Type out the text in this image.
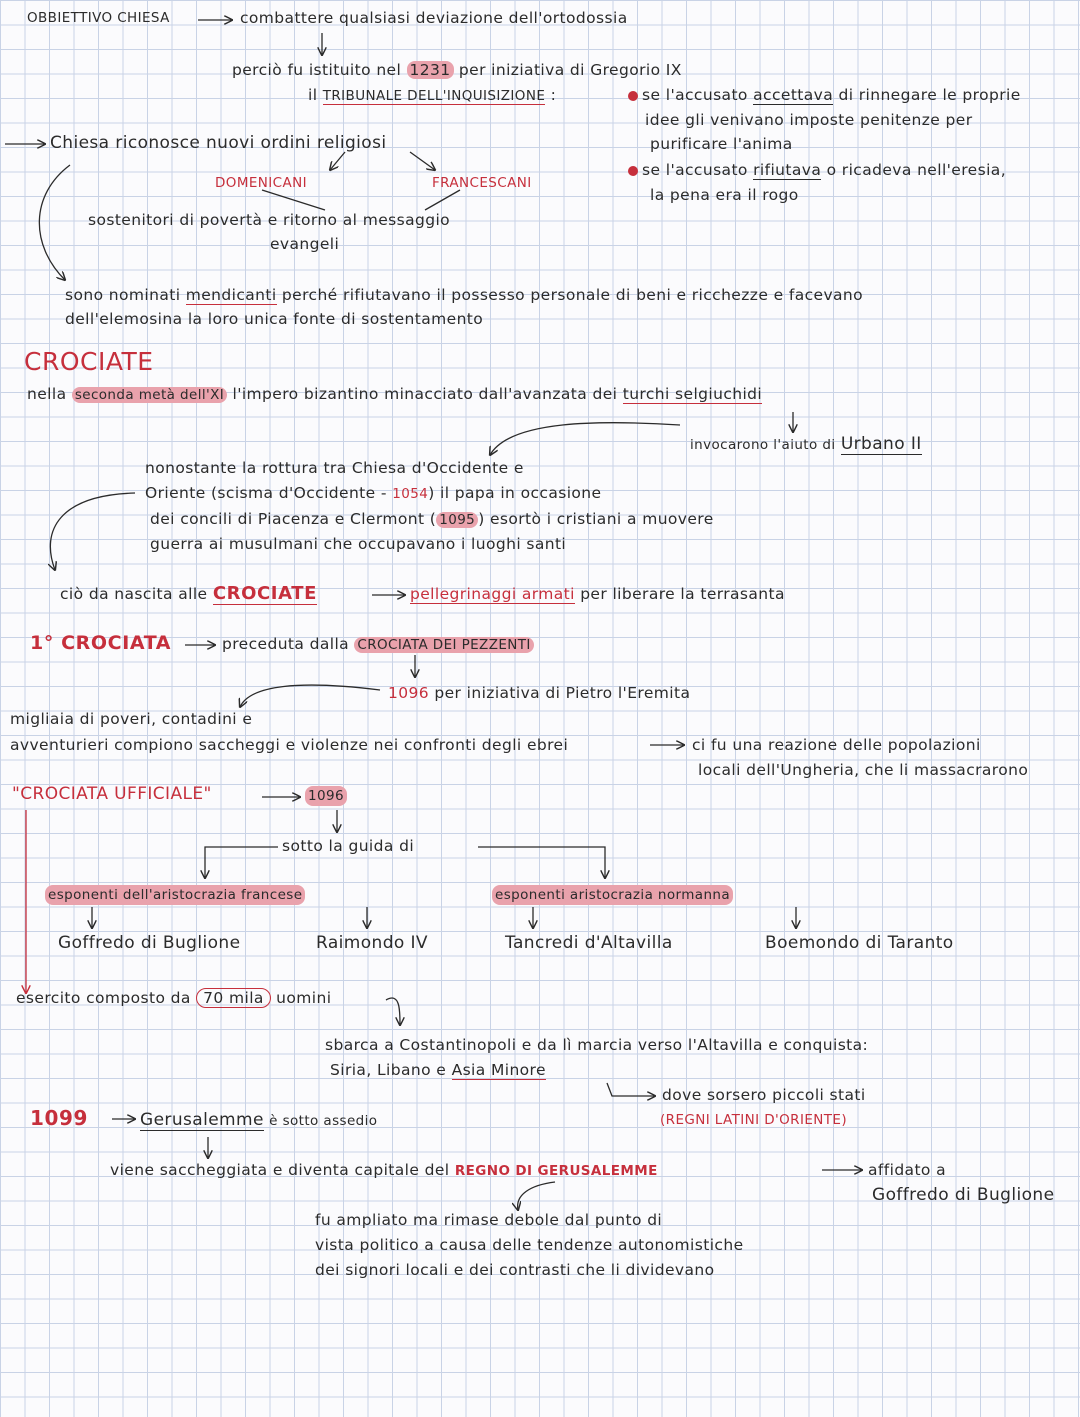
OBBIETTIVO CHIESA	combattere qualsiasi deviazione dell'ortodossia
perciò fu istituito nel 1231 per iniziativa di Gregorio IX
il TRIBUNALE DELL'INQUISIZIONE :	se l'accusato accettava di rinnegare le proprie
idee gli venivano imposte penitenze per
purificare l'anima
se l'accusato rifiutava o ricadeva nell'eresia,
la pena era il rogo
Chiesa riconosce nuovi ordini religiosi
DOMENICANI	FRANCESCANI
sostenitori di povertà e ritorno al messaggio
evangeli
sono nominati mendicanti perché rifiutavano il possesso personale di beni e ricchezze e facevano
dell'elemosina la loro unica fonte di sostentamento
CROCIATE
nella seconda metà dell'XI l'impero bizantino minacciato dall'avanzata dei turchi selgiuchidi
invocarono l'aiuto di Urbano II
nonostante la rottura tra Chiesa d'Occidente e
Oriente (scisma d'Occidente - 1054) il papa in occasione
dei concili di Piacenza e Clermont ( 1095 ) esortò i cristiani a muovere
guerra ai musulmani che occupavano i luoghi santi
ciò da nascita alle CROCIATE	pellegrinaggi armati per liberare la terrasanta
1° CROCIATA	preceduta dalla CROCIATA DEI PEZZENTI
1096 per iniziativa di Pietro l'Eremita
migliaia di poveri, contadini e
avventurieri compiono saccheggi e violenze nei confronti degli ebrei	ci fu una reazione delle popolazioni
locali dell'Ungheria, che li massacrarono
"CROCIATA UFFICIALE"	1096
sotto la guida di
esponenti dell'aristocrazia francese	esponenti aristocrazia normanna
Goffredo di Buglione	Raimondo IV	Tancredi d'Altavilla	Boemondo di Taranto
esercito composto da 70 mila uomini
sbarca a Costantinopoli e da lì marcia verso l'Altavilla e conquista:
Siria, Libano e Asia Minore
dove sorsero piccoli stati
(REGNI LATINI D'ORIENTE)
1099	Gerusalemme è sotto assedio
viene saccheggiata e diventa capitale del REGNO DI GERUSALEMME	affidato a
Goffredo di Buglione
fu ampliato ma rimase debole dal punto di
vista politico a causa delle tendenze autonomistiche
dei signori locali e dei contrasti che li dividevano
